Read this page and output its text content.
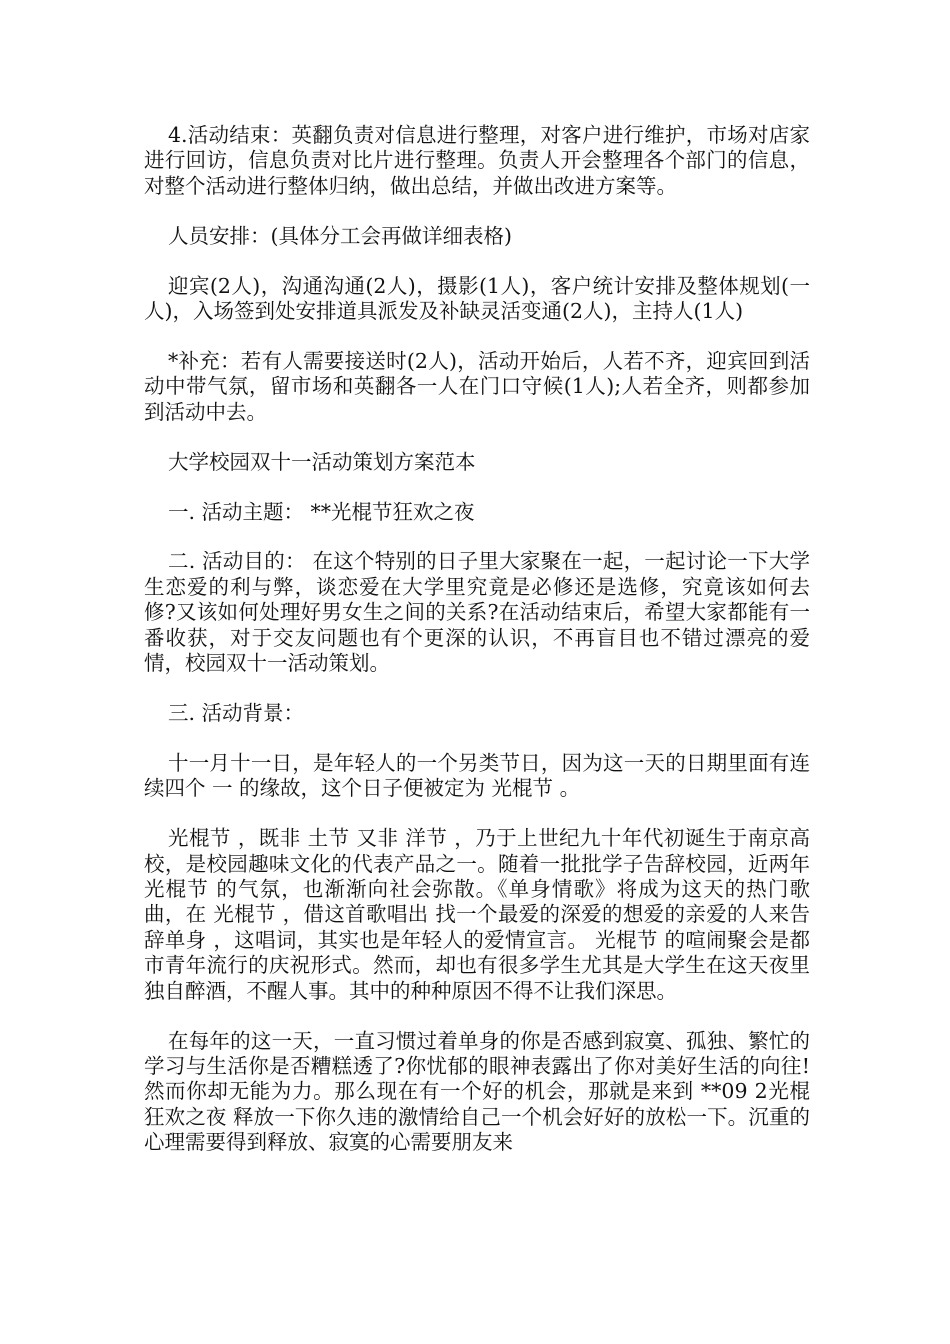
4.活动结束：英翻负责对信息进行整理，对客户进行维护，市场对店家进行回访，信息负责对比片进行整理。负责人开会整理各个部门的信息，对整个活动进行整体归纳，做出总结，并做出改进方案等。

人员安排：(具体分工会再做详细表格)

迎宾(2人)，沟通沟通(2人)，摄影(1人)，客户统计安排及整体规划(一人)，入场签到处安排道具派发及补缺灵活变通(2人)，主持人(1人)

*补充：若有人需要接送时(2人)，活动开始后，人若不齐，迎宾回到活动中带气氛，留市场和英翻各一人在门口守候(1人);人若全齐，则都参加到活动中去。

大学校园双十一活动策划方案范本

一. 活动主题： **光棍节狂欢之夜

二. 活动目的： 在这个特别的日子里大家聚在一起，一起讨论一下大学生恋爱的利与弊，谈恋爱在大学里究竟是必修还是选修，究竟该如何去修?又该如何处理好男女生之间的关系?在活动结束后，希望大家都能有一番收获，对于交友问题也有个更深的认识，不再盲目也不错过漂亮的爱情，校园双十一活动策划。

三. 活动背景：

十一月十一日，是年轻人的一个另类节日，因为这一天的日期里面有连续四个 一 的缘故，这个日子便被定为 光棍节 。

光棍节 ，既非 土节 又非 洋节 ，乃于上世纪九十年代初诞生于南京高校，是校园趣味文化的代表产品之一。随着一批批学子告辞校园，近两年 光棍节 的气氛，也渐渐向社会弥散。《单身情歌》将成为这天的热门歌曲，在 光棍节 ，借这首歌唱出 找一个最爱的深爱的想爱的亲爱的人来告辞单身 ，这唱词，其实也是年轻人的爱情宣言。 光棍节 的喧闹聚会是都市青年流行的庆祝形式。然而，却也有很多学生尤其是大学生在这天夜里独自醉酒，不醒人事。其中的种种原因不得不让我们深思。

在每年的这一天，一直习惯过着单身的你是否感到寂寞、孤独、繁忙的学习与生活你是否糟糕透了?你忧郁的眼神表露出了你对美好生活的向往!然而你却无能为力。那么现在有一个好的机会，那就是来到 **09 2光棍狂欢之夜 释放一下你久违的激情给自己一个机会好好的放松一下。沉重的心理需要得到释放、寂寞的心需要朋友来
